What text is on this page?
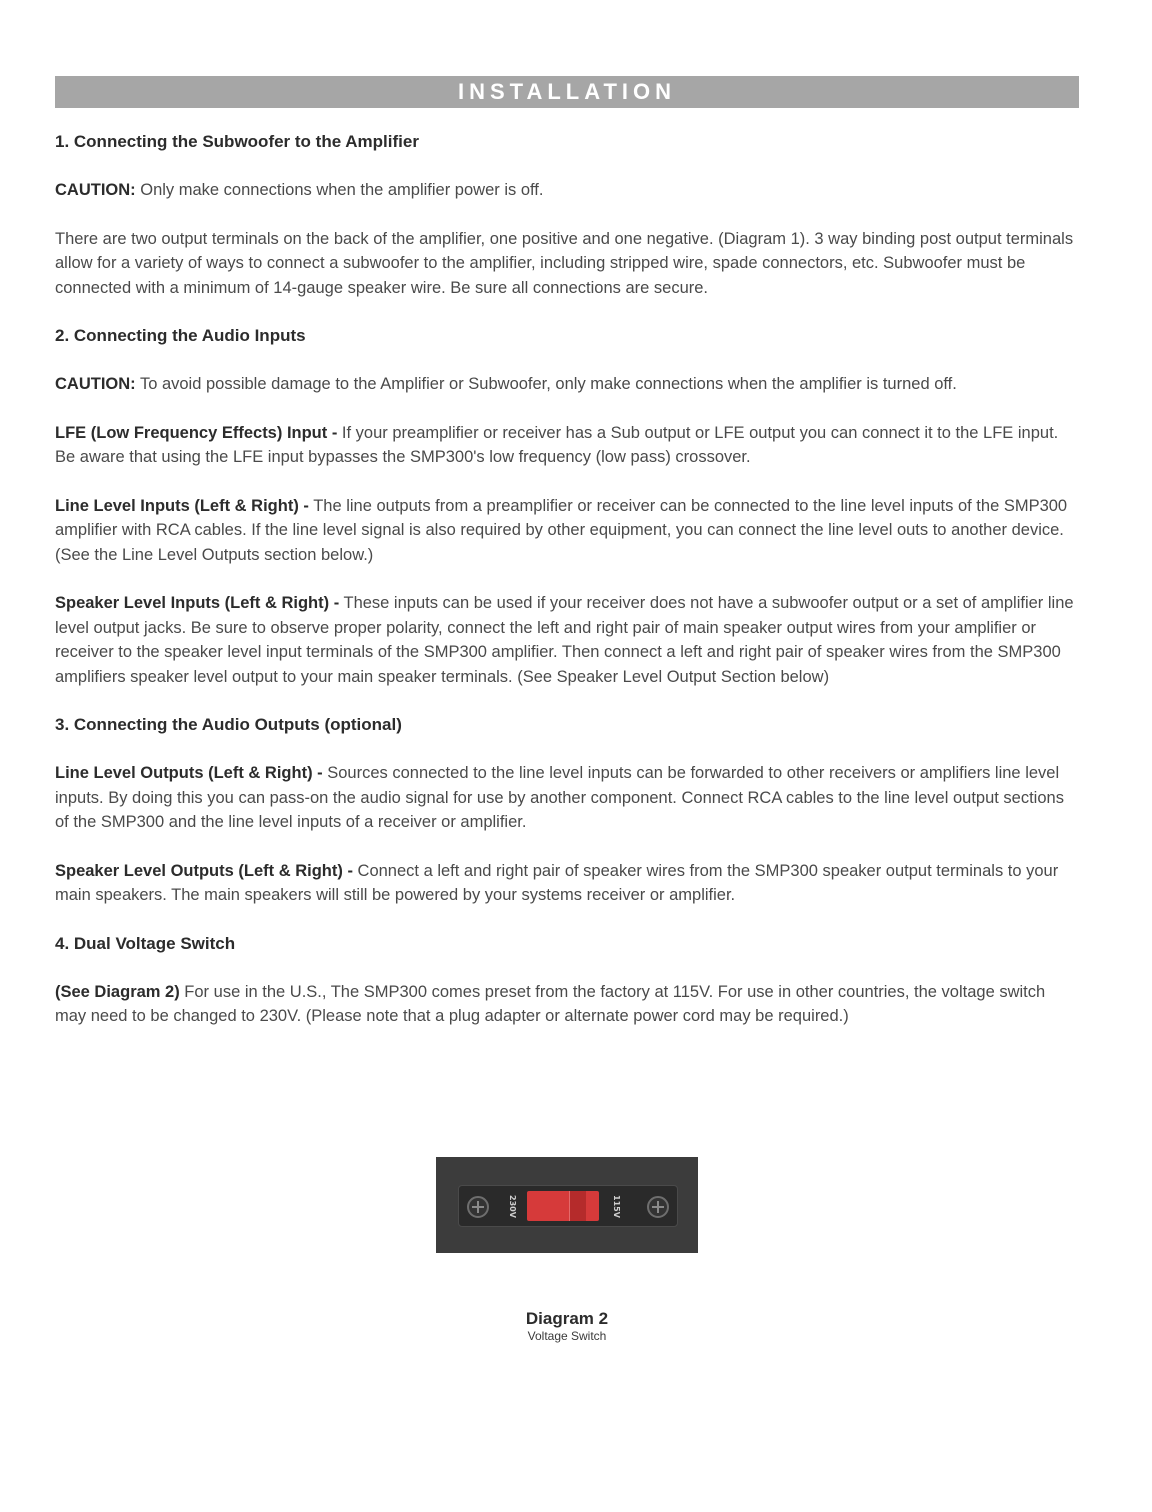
INSTALLATION

1. Connecting the Subwoofer to the Amplifier

CAUTION: Only make connections when the amplifier power is off.

There are two output terminals on the back of the amplifier, one positive and one negative. (Diagram 1). 3 way binding post output terminals allow for a variety of ways to connect a subwoofer to the amplifier, including stripped wire, spade connectors, etc. Subwoofer must be connected with a minimum of 14-gauge speaker wire. Be sure all connections are secure.

2. Connecting the Audio Inputs

CAUTION: To avoid possible damage to the Amplifier or Subwoofer, only make connections when the amplifier is turned off.

LFE (Low Frequency Effects) Input - If your preamplifier or receiver has a Sub output or LFE output you can connect it to the LFE input. Be aware that using the LFE input bypasses the SMP300's low frequency (low pass) crossover.

Line Level Inputs (Left & Right) - The line outputs from a preamplifier or receiver can be connected to the line level inputs of the SMP300 amplifier with RCA cables. If the line level signal is also required by other equipment, you can connect the line level outs to another device. (See the Line Level Outputs section below.)

Speaker Level Inputs (Left & Right) - These inputs can be used if your receiver does not have a subwoofer output or a set of amplifier line level output jacks. Be sure to observe proper polarity, connect the left and right pair of main speaker output wires from your amplifier or receiver to the speaker level input terminals of the SMP300 amplifier. Then connect a left and right pair of speaker wires from the SMP300 amplifiers speaker level output to your main speaker terminals. (See Speaker Level Output Section below)

3. Connecting the Audio Outputs (optional)

Line Level Outputs (Left & Right) - Sources connected to the line level inputs can be forwarded to other receivers or amplifiers line level inputs. By doing this you can pass-on the audio signal for use by another component. Connect RCA cables to the line level output sections of the SMP300 and the line level inputs of a receiver or amplifier.

Speaker Level Outputs (Left & Right) - Connect a left and right pair of speaker wires from the SMP300 speaker output terminals to your main speakers. The main speakers will still be powered by your systems receiver or amplifier.

4. Dual Voltage Switch

(See Diagram 2) For use in the U.S., The SMP300 comes preset from the factory at 115V. For use in other countries, the voltage switch may need to be changed to 230V. (Please note that a plug adapter or alternate power cord may be required.)

230V	115V
Diagram 2
Voltage Switch
